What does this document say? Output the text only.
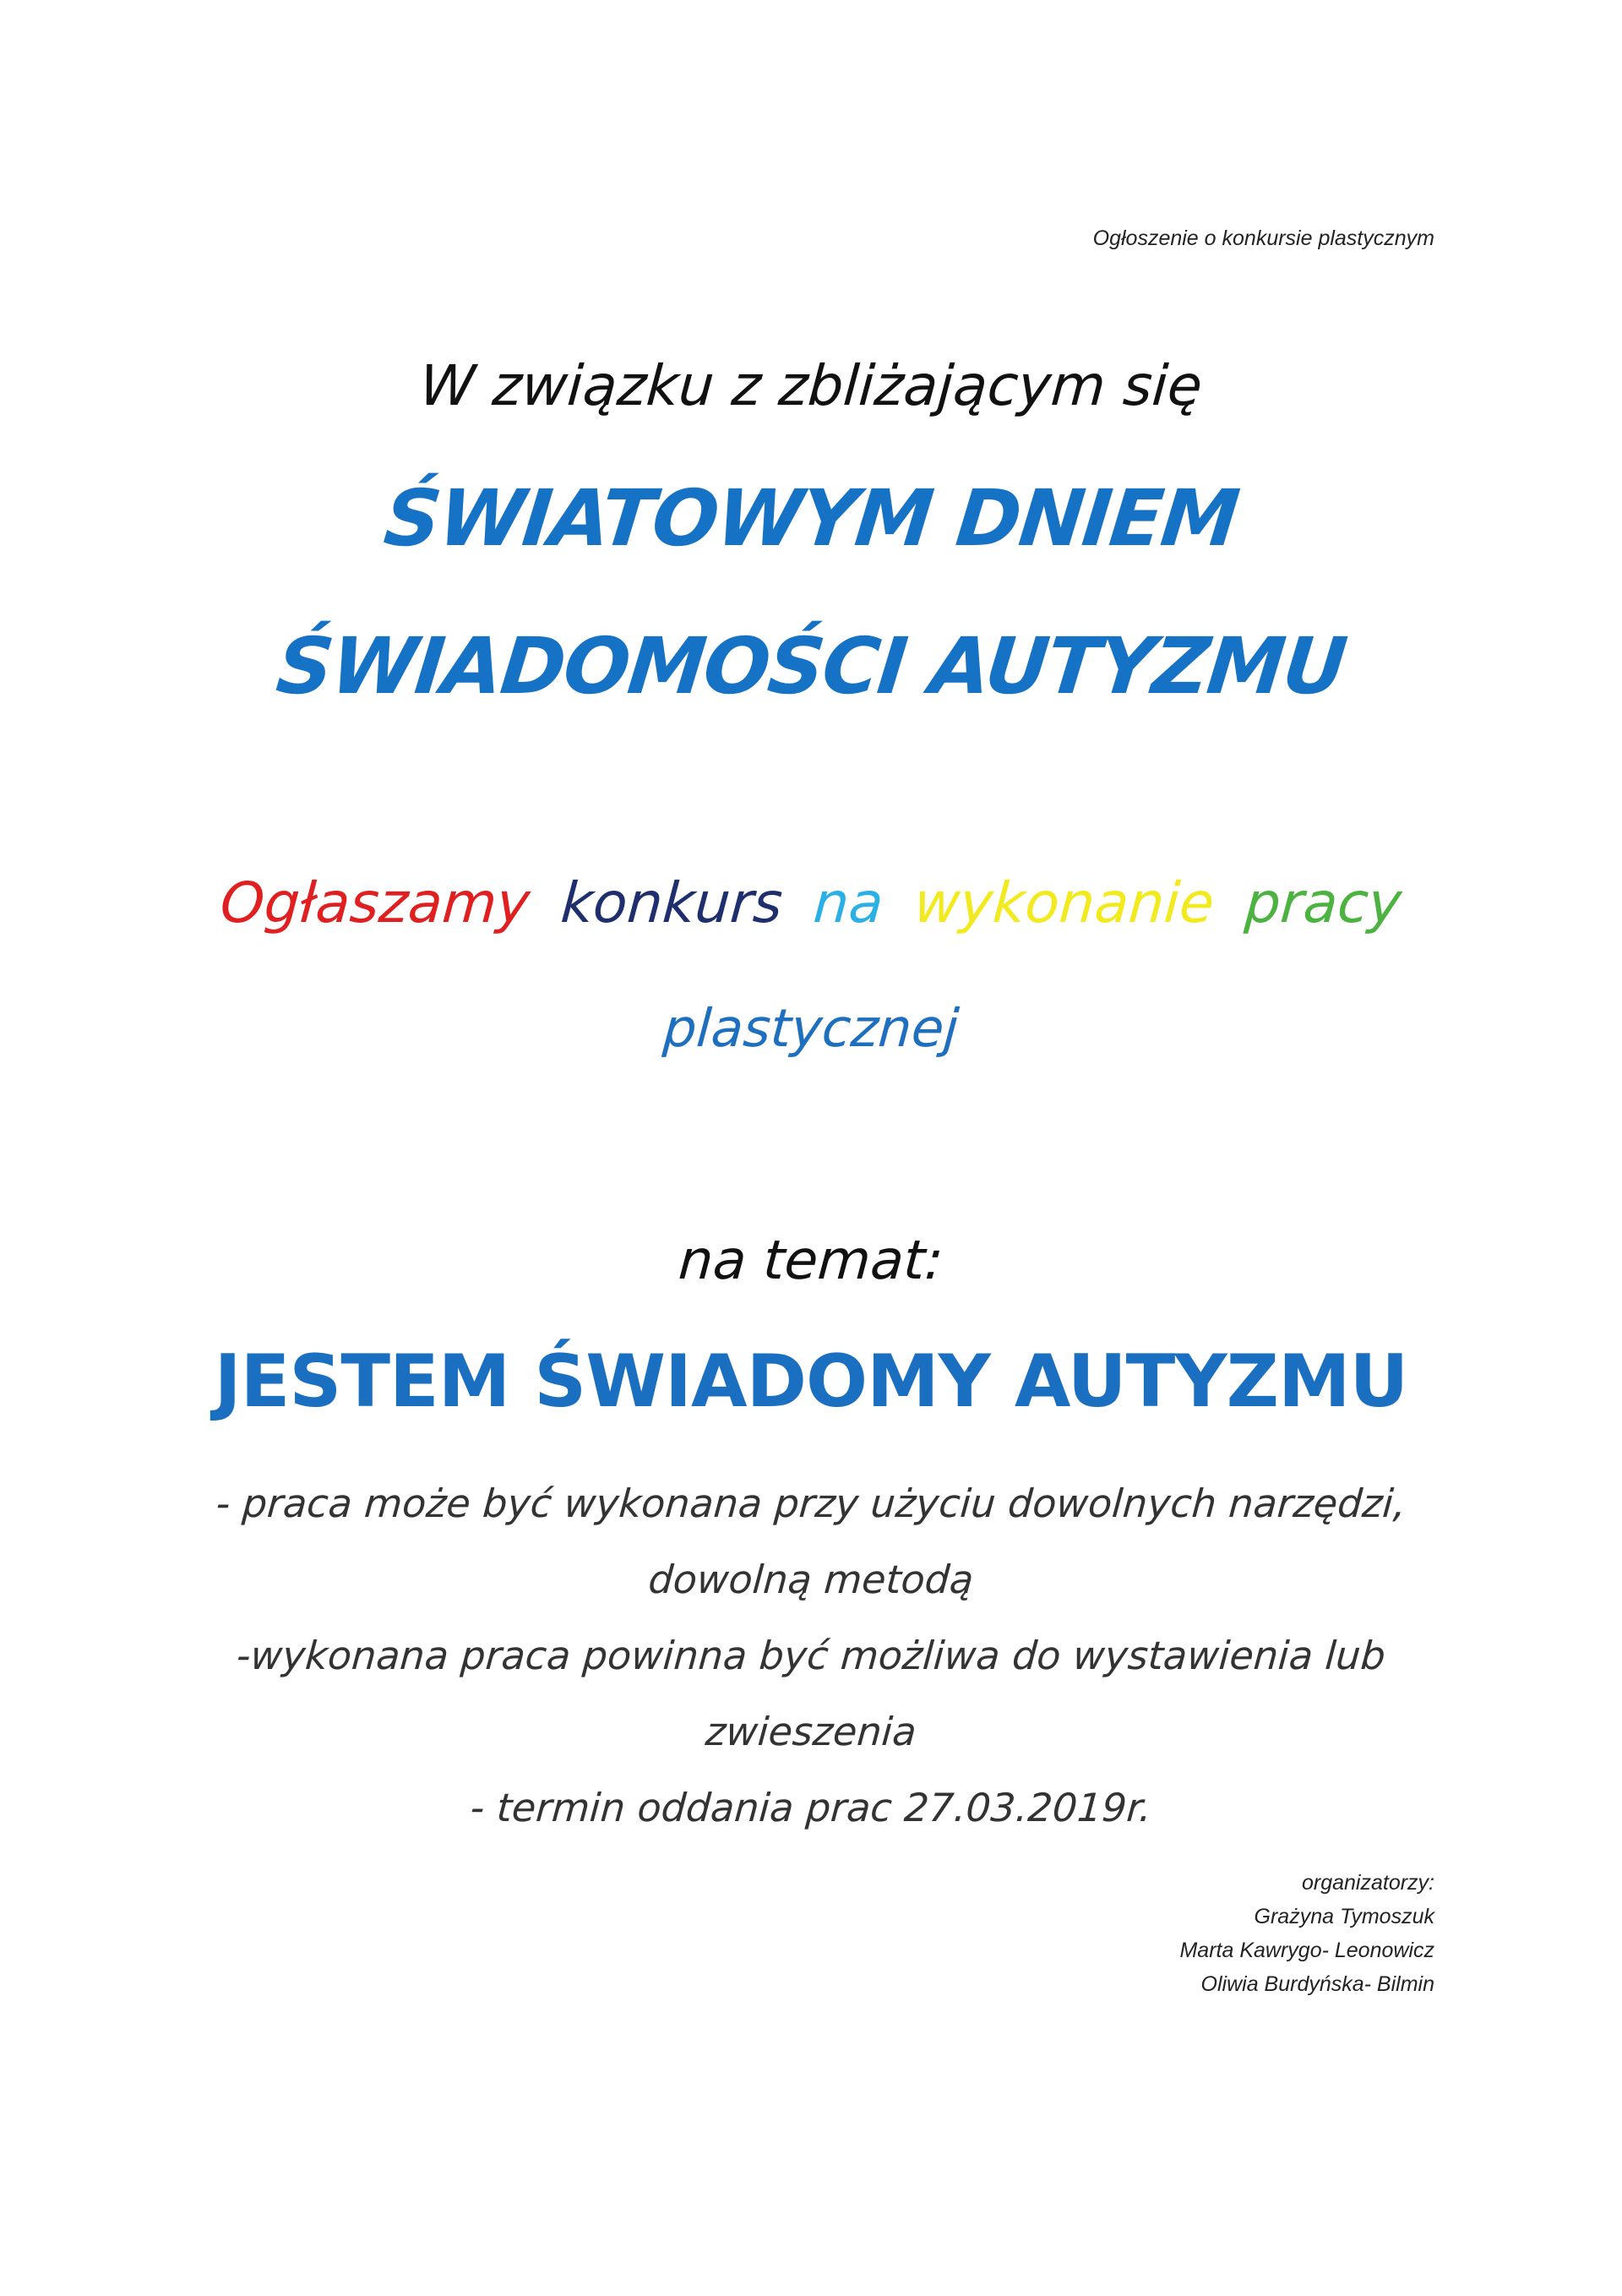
Ogłoszenie o konkursie plastycznym
W związku z zbliżającym się
ŚWIATOWYM DNIEM
ŚWIADOMOŚCI AUTYZMU
Ogłaszamy konkurs na wykonanie pracy
plastycznej
na temat:
JESTEM ŚWIADOMY AUTYZMU
- praca może być wykonana przy użyciu dowolnych narzędzi,
dowolną metodą
-wykonana praca powinna być możliwa do wystawienia lub
zwieszenia
- termin oddania prac 27.03.2019r.
organizatorzy:
Grażyna Tymoszuk
Marta Kawrygo- Leonowicz
Oliwia Burdyńska- Bilmin
